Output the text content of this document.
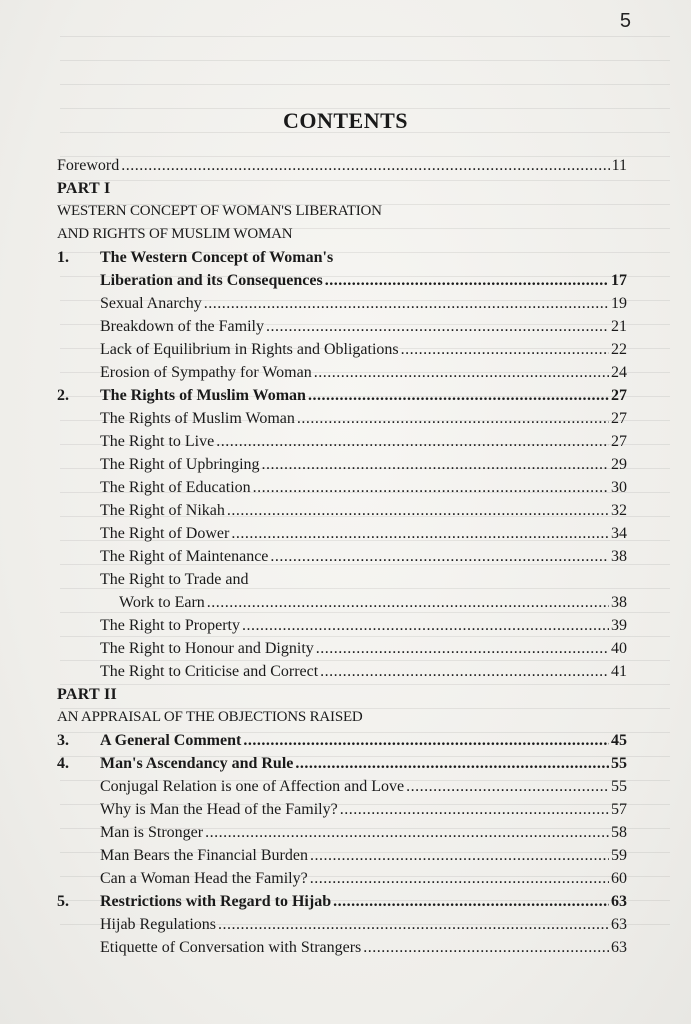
5
CONTENTS
Foreword .....	11
PART I
WESTERN CONCEPT OF WOMAN'S LIBERATION
AND RIGHTS OF MUSLIM WOMAN
1.	The Western Concept of Woman's
Liberation and its Consequences .....	17
Sexual Anarchy .....	19
Breakdown of the Family .....	21
Lack of Equilibrium in Rights and Obligations .....	22
Erosion of Sympathy for Woman .....	24
2.	The Rights of Muslim Woman .....	27
The Rights of Muslim Woman .....	27
The Right to Live .....	27
The Right of Upbringing .....	29
The Right of Education .....	30
The Right of Nikah .....	32
The Right of Dower .....	34
The Right of Maintenance .....	38
The Right to Trade and
Work to Earn .....	38
The Right to Property .....	39
The Right to Honour and Dignity .....	40
The Right to Criticise and Correct .....	41
PART II
AN APPRAISAL OF THE OBJECTIONS RAISED
3.	A General Comment .....	45
4.	Man's Ascendancy and Rule .....	55
Conjugal Relation is one of Affection and Love .....	55
Why is Man the Head of the Family? .....	57
Man is Stronger .....	58
Man Bears the Financial Burden .....	59
Can a Woman Head the Family? .....	60
5.	Restrictions with Regard to Hijab .....	63
Hijab Regulations .....	63
Etiquette of Conversation with Strangers .....	63
